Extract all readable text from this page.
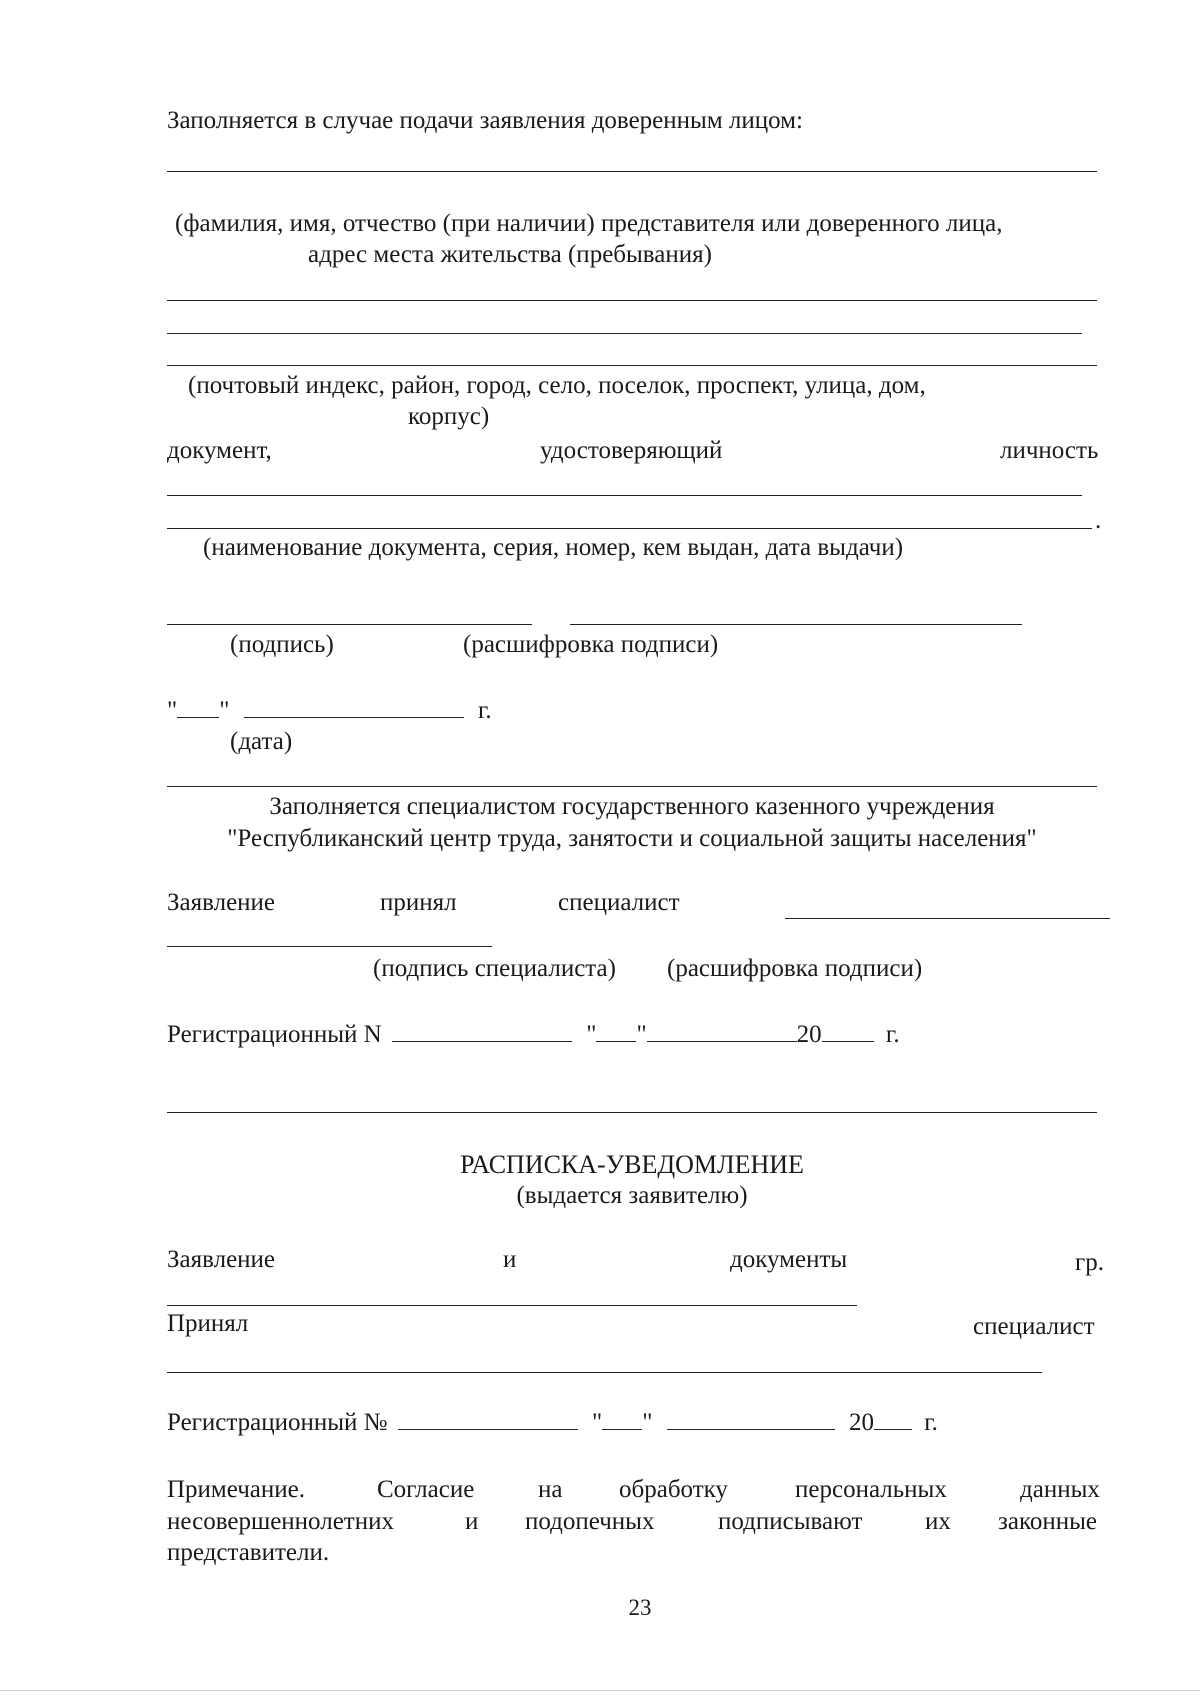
Заполняется в случае подачи заявления доверенным лицом:
(фамилия, имя, отчество (при наличии) представителя или доверенного лица,
адрес места жительства (пребывания)
(почтовый индекс, район, город, село, поселок, проспект, улица, дом,
корпус)
документ,	удостоверяющий	личность
.
(наименование документа, серия, номер, кем выдан, дата выдачи)
(подпись)	(расшифровка подписи)
" "	г.
(дата)
Заполняется специалистом государственного казенного учреждения
"Республиканский центр труда, занятости и социальной защиты населения"
Заявление	принял	специалист
(подпись специалиста) (расшифровка подписи)
Регистрационный N	" "	20	г.
РАСПИСКА-УВЕДОМЛЕНИЕ
(выдается заявителю)
Заявление	и	документы	гр.
Принял	специалист
Регистрационный №	" "	20 г.
Примечание.	Согласие	на обработку	персональных	данных
несовершеннолетних	и подопечных	подписывают	их законные
представители.
23
